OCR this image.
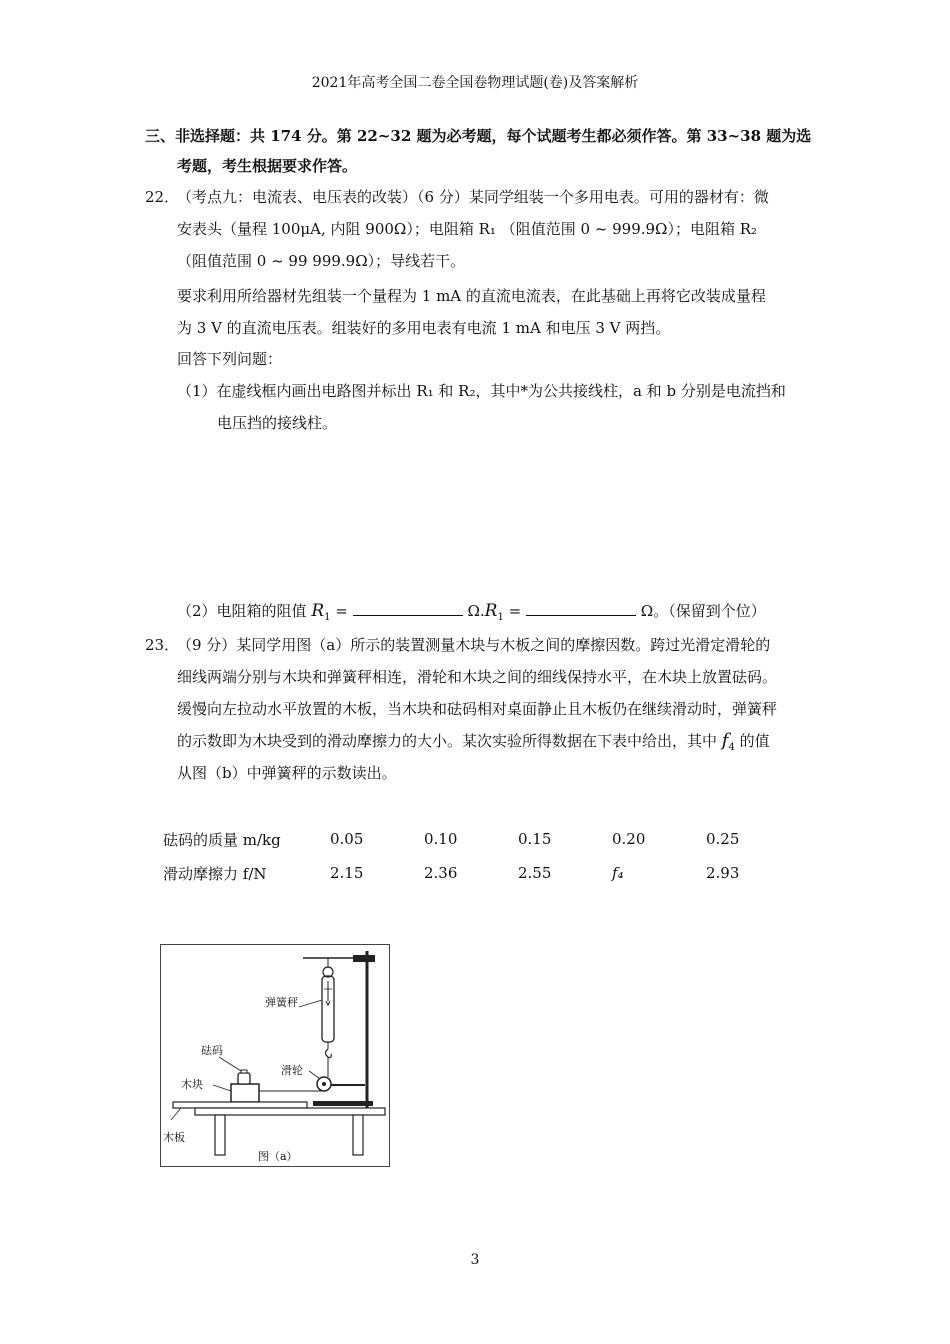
2021年高考全国二卷全国卷物理试题(卷)及答案解析
三、非选择题：共 174 分。第 22~32 题为必考题，每个试题考生都必须作答。第 33~38 题为选
考题，考生根据要求作答。
22．
（考点九：电流表、电压表的改装）（6 分）某同学组装一个多用电表。可用的器材有：微
安表头（量程 100μA, 内阻 900Ω）；电阻箱 R₁ （阻值范围 0 ~ 999.9Ω）；电阻箱 R₂
（阻值范围 0 ~ 99 999.9Ω）；导线若干。
要求利用所给器材先组装一个量程为 1 mA 的直流电流表，在此基础上再将它改装成量程
为 3 V 的直流电压表。组装好的多用电表有电流 1 mA 和电压 3 V 两挡。
回答下列问题：
（1）在虚线框内画出电路图并标出 R₁ 和 R₂，其中*为公共接线柱，a 和 b 分别是电流挡和
电压挡的接线柱。
（2）电阻箱的阻值 $R_1$ =	$\Omega.R_1$ =	Ω。（保留到个位）
23．
（9 分）某同学用图（a）所示的装置测量木块与木板之间的摩擦因数。跨过光滑定滑轮的
细线两端分别与木块和弹簧秤相连，滑轮和木块之间的细线保持水平，在木块上放置砝码。
缓慢向左拉动水平放置的木板，当木块和砝码相对桌面静止且木板仍在继续滑动时，弹簧秤
的示数即为木块受到的滑动摩擦力的大小。某次实验所得数据在下表中给出，其中 $f_4$ 的值
从图（b）中弹簧秤的示数读出。
砝码的质量 m/kg	0.05	0.10	0.15	0.20	0.25
滑动摩擦力 f/N	2.15	2.36	2.55	f₄	2.93
弹簧秤
砝码
滑轮
木块
木板
图（a）
3
